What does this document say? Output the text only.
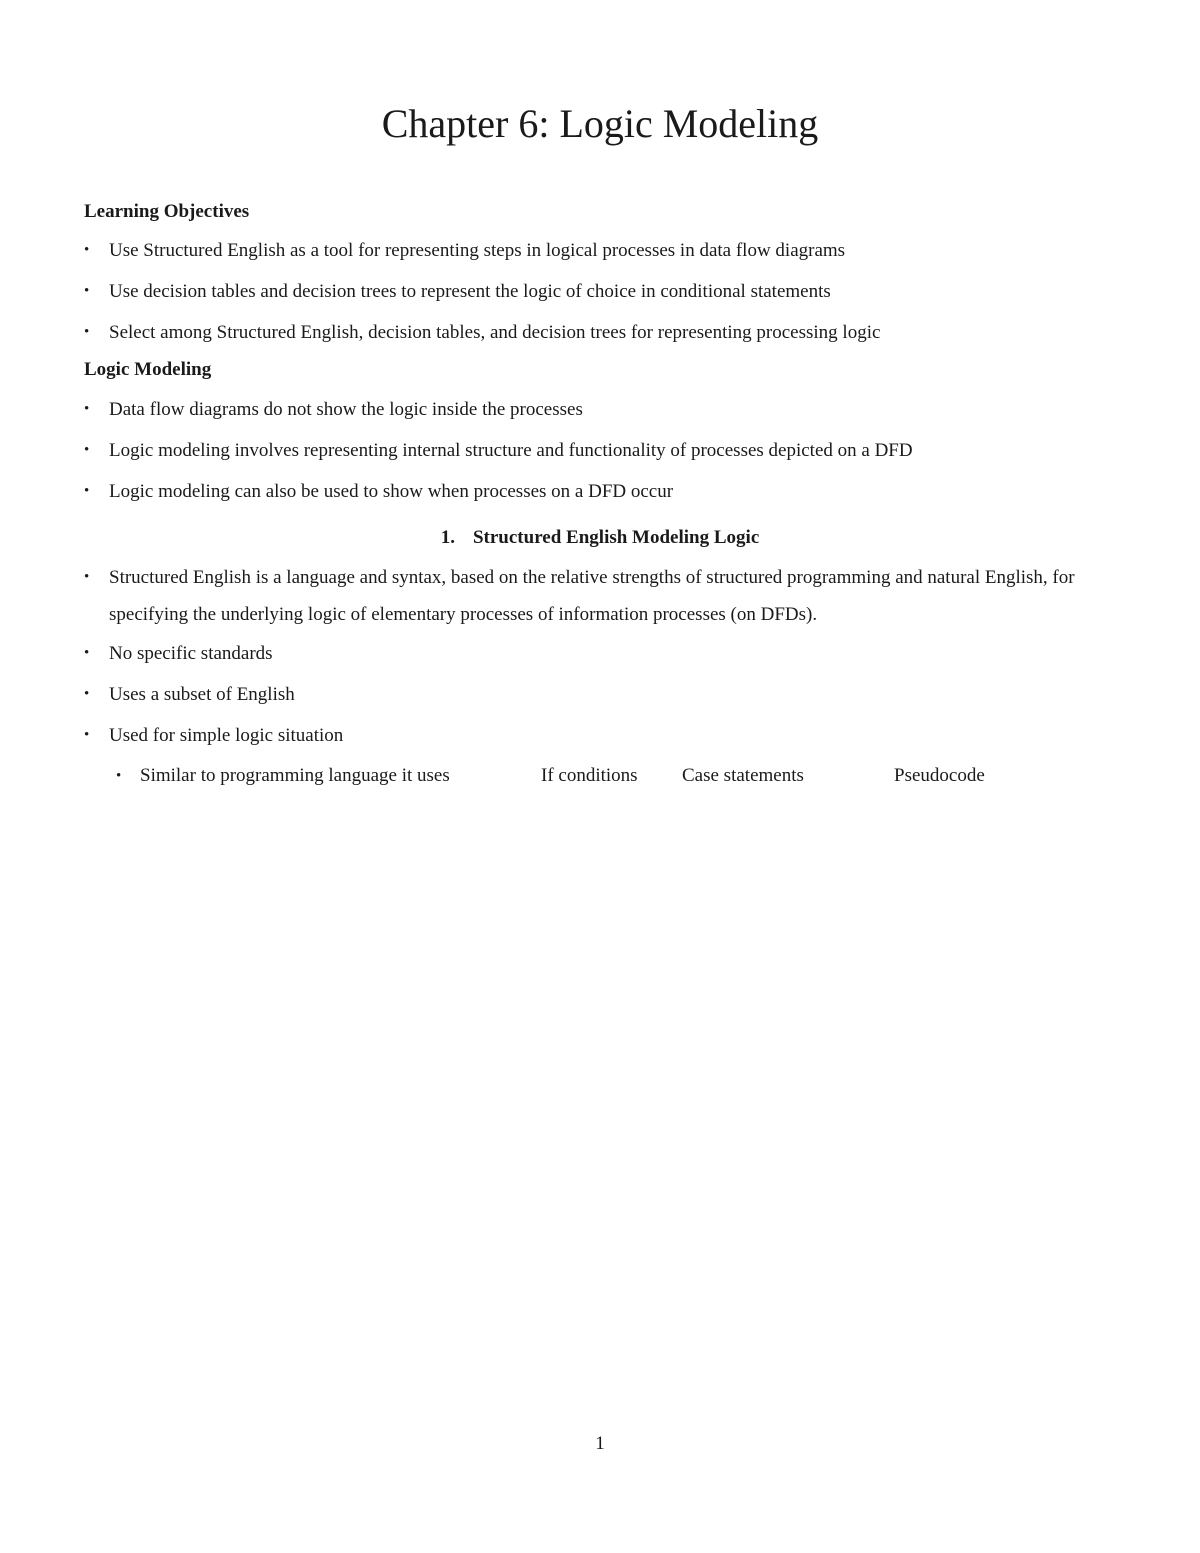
Chapter 6: Logic Modeling
Learning Objectives
• Use Structured English as a tool for representing steps in logical processes in data flow diagrams
• Use decision tables and decision trees to represent the logic of choice in conditional statements
• Select among Structured English, decision tables, and decision trees for representing processing logic
Logic Modeling
• Data flow diagrams do not show the logic inside the processes
• Logic modeling involves representing internal structure and functionality of processes depicted on a DFD
• Logic modeling can also be used to show when processes on a DFD occur
1. Structured English Modeling Logic
• Structured English is a language and syntax, based on the relative strengths of structured programming and natural English, for specifying the underlying logic of elementary processes of information processes (on DFDs).
• No specific standards
• Uses a subset of English
• Used for simple logic situation
• Similar to programming language it uses	If conditions Case statements	Pseudocode
1
